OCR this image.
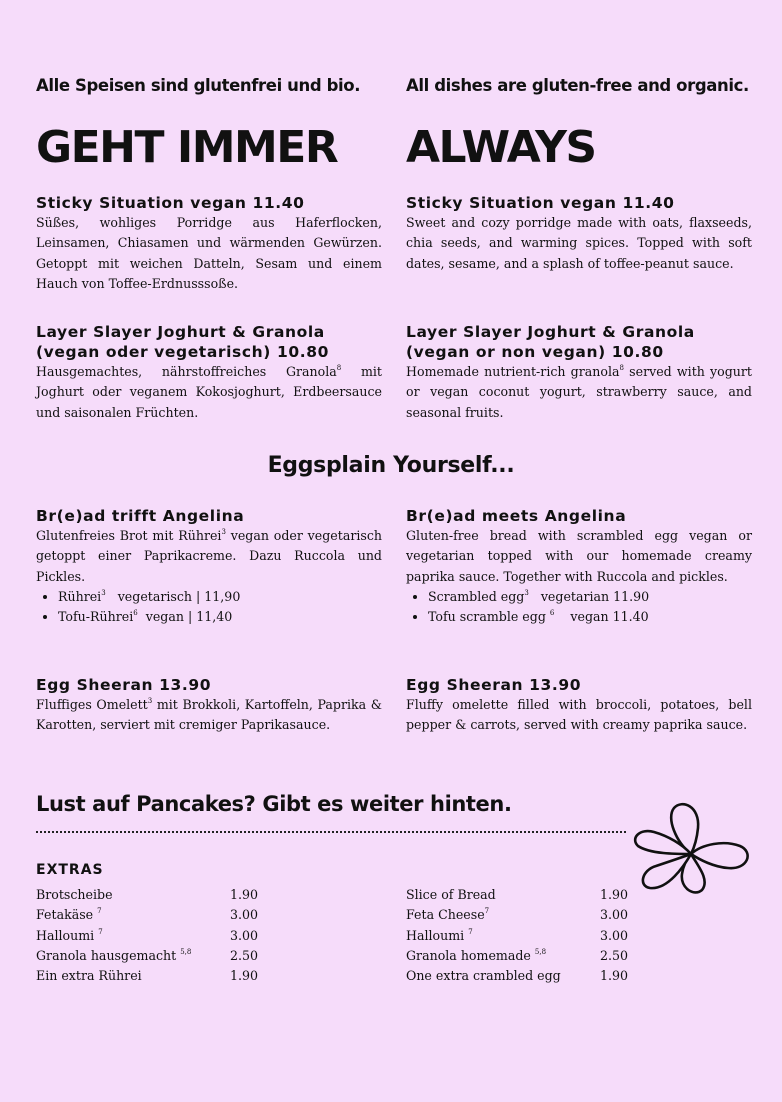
Alle Speisen sind glutenfrei und bio.	All dishes are gluten-free and organic.
GEHT IMMER ALWAYS

Sticky Situation vegan 11.40

Süßes, wohliges Porridge aus Haferflocken, Leinsamen, Chiasamen und wärmenden Gewürzen. Getoppt mit weichen Datteln, Sesam und einem Hauch von Toffee-Erdnusssoße.

Sticky Situation vegan 11.40

Sweet and cozy porridge made with oats, flaxseeds, chia seeds, and warming spices. Topped with soft dates, sesame, and a splash of toffee-peanut sauce.

Layer Slayer Joghurt & Granola

(vegan oder vegetarisch) 10.80

Hausgemachtes, nährstoffreiches Granola$^8$ mit Joghurt oder veganem Kokosjoghurt, Erdbeersauce und saisonalen Früchten.

Layer Slayer Joghurt & Granola

(vegan or non vegan) 10.80

Homemade nutrient-rich granola$^8$ served with yogurt or vegan coconut yogurt, strawberry sauce, and seasonal fruits.

Eggsplain Yourself...

Br(e)ad trifft Angelina

Glutenfreies Brot mit Rührei$^3$ vegan oder vegetarisch getoppt einer Paprikacreme. Dazu Ruccola und Pickles.

• Rührei$^3$   vegetarisch | 11,90
• Tofu-Rührei$^6$  vegan | 11,40

Br(e)ad meets Angelina

Gluten-free bread with scrambled egg vegan or vegetarian topped with our homemade creamy paprika sauce. Together with Ruccola and pickles.

• Scrambled egg$^3$   vegetarian 11.90
• Tofu scramble egg $^6$    vegan 11.40

Egg Sheeran 13.90

Fluffiges Omelett$^3$ mit Brokkoli, Kartoffeln, Paprika & Karotten, serviert mit cremiger Paprikasauce.

Egg Sheeran 13.90

Fluffy omelette filled with broccoli, potatoes, bell pepper & carrots, served with creamy paprika sauce.

Lust auf Pancakes? Gibt es weiter hinten.
EXTRAS
Brotscheibe	1.90
Fetakäse $^7$	3.00
Halloumi $^7$	3.00
Granola hausgemacht $^{5,8}$	2.50
Ein extra Rührei	1.90
Slice of Bread	1.90
Feta Cheese$^7$	3.00
Halloumi $^7$	3.00
Granola homemade $^{5,8}$	2.50
One extra crambled egg	1.90
